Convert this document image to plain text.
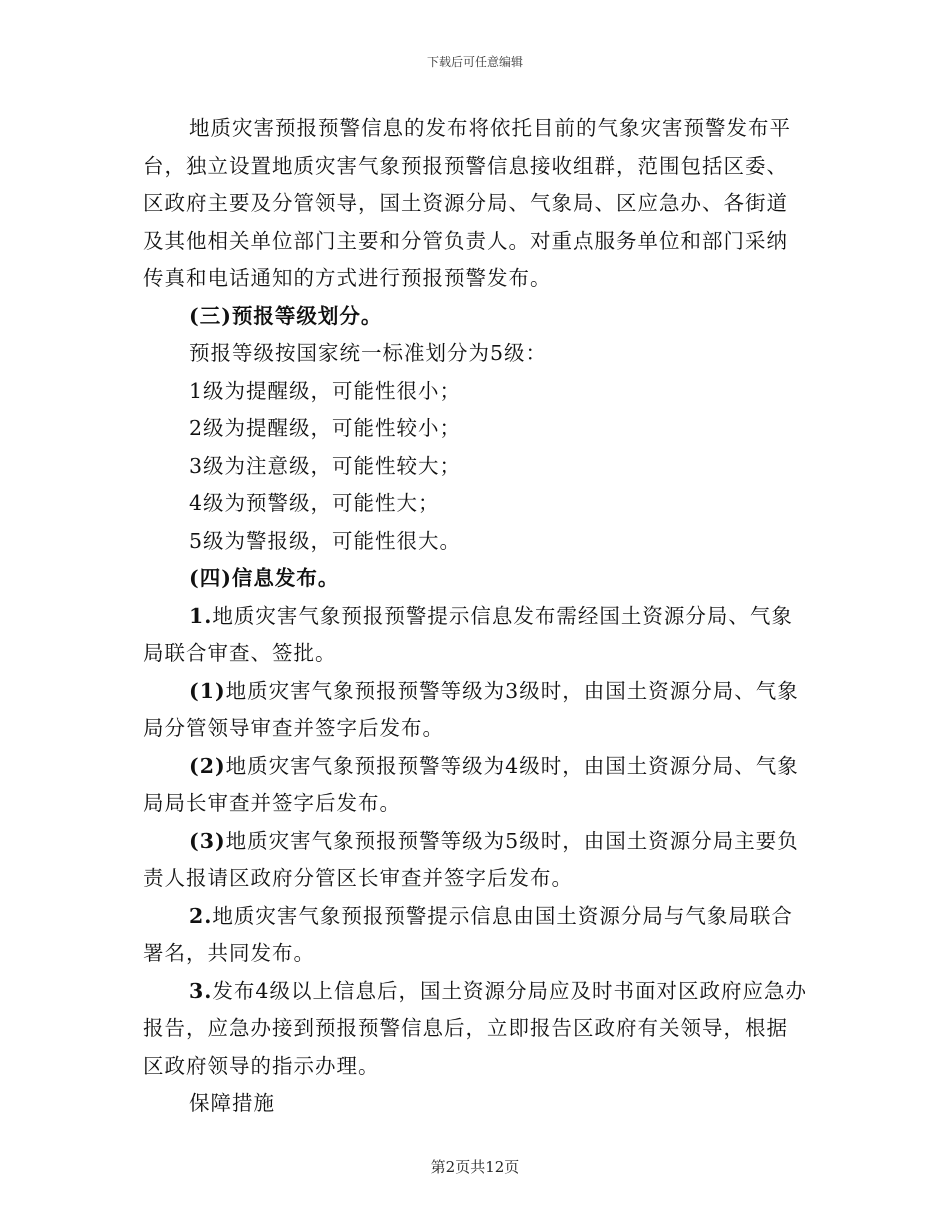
下载后可任意编辑

地质灾害预报预警信息的发布将依托目前的气象灾害预警发布平台，独立设置地质灾害气象预报预警信息接收组群，范围包括区委、区政府主要及分管领导，国土资源分局、气象局、区应急办、各街道及其他相关单位部门主要和分管负责人。对重点服务单位和部门采纳传真和电话通知的方式进行预报预警发布。

(三)预报等级划分。

预报等级按国家统一标准划分为5级：

1级为提醒级，可能性很小；

2级为提醒级，可能性较小；

3级为注意级，可能性较大；

4级为预警级，可能性大；

5级为警报级，可能性很大。

(四)信息发布。

1.地质灾害气象预报预警提示信息发布需经国土资源分局、气象局联合审查、签批。

(1)地质灾害气象预报预警等级为3级时，由国土资源分局、气象局分管领导审查并签字后发布。

(2)地质灾害气象预报预警等级为4级时，由国土资源分局、气象局局长审查并签字后发布。

(3)地质灾害气象预报预警等级为5级时，由国土资源分局主要负责人报请区政府分管区长审查并签字后发布。

2.地质灾害气象预报预警提示信息由国土资源分局与气象局联合署名，共同发布。

3.发布4级以上信息后，国土资源分局应及时书面对区政府应急办报告，应急办接到预报预警信息后，立即报告区政府有关领导，根据区政府领导的指示办理。

保障措施

第2页共12页
